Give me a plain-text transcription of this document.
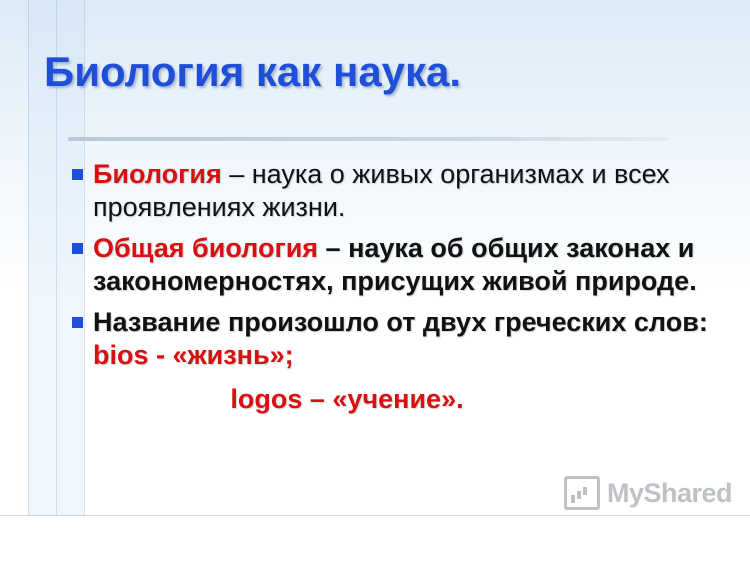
Биология как наука.
Биология – наука о живых организмах и всех проявлениях жизни.
Общая биология – наука об общих законах и закономерностях, присущих живой природе.
Название произошло от двух греческих слов: bios - «жизнь»;
logos – «учение».
MyShared
